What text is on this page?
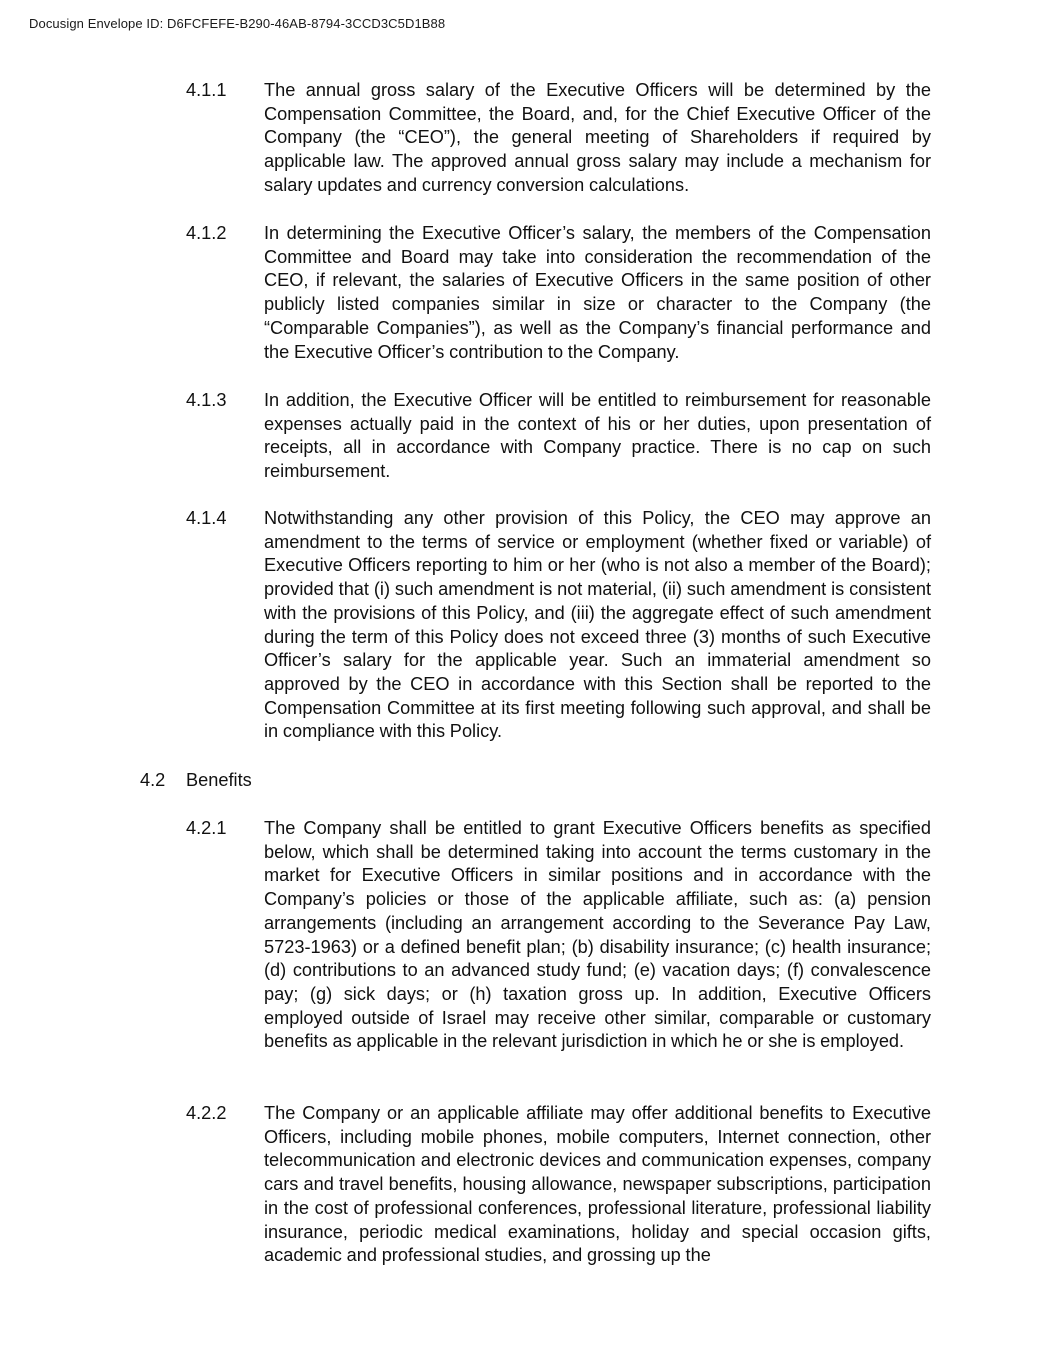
Docusign Envelope ID: D6FCFEFE-B290-46AB-8794-3CCD3C5D1B88
4.1.1	The annual gross salary of the Executive Officers will be determined by the Compensation Committee, the Board, and, for the Chief Executive Officer of the Company (the “CEO”), the general meeting of Shareholders if required by applicable law. The approved annual gross salary may include a mechanism for salary updates and currency conversion calculations.
4.1.2	In determining the Executive Officer’s salary, the members of the Compensation Committee and Board may take into consideration the recommendation of the CEO, if relevant, the salaries of Executive Officers in the same position of other publicly listed companies similar in size or character to the Company (the “Comparable Companies”), as well as the Company’s financial performance and the Executive Officer’s contribution to the Company.
4.1.3	In addition, the Executive Officer will be entitled to reimbursement for reasonable expenses actually paid in the context of his or her duties, upon presentation of receipts, all in accordance with Company practice. There is no cap on such reimbursement.
4.1.4	Notwithstanding any other provision of this Policy, the CEO may approve an amendment to the terms of service or employment (whether fixed or variable) of Executive Officers reporting to him or her (who is not also a member of the Board); provided that (i) such amendment is not material, (ii) such amendment is consistent with the provisions of this Policy, and (iii) the aggregate effect of such amendment during the term of this Policy does not exceed three (3) months of such Executive Officer’s salary for the applicable year. Such an immaterial amendment so approved by the CEO in accordance with this Section shall be reported to the Compensation Committee at its first meeting following such approval, and shall be in compliance with this Policy.
4.2 Benefits
4.2.1	The Company shall be entitled to grant Executive Officers benefits as specified below, which shall be determined taking into account the terms customary in the market for Executive Officers in similar positions and in accordance with the Company’s policies or those of the applicable affiliate, such as: (a) pension arrangements (including an arrangement according to the Severance Pay Law, 5723-1963) or a defined benefit plan; (b) disability insurance; (c) health insurance; (d) contributions to an advanced study fund; (e) vacation days; (f) convalescence pay; (g) sick days; or (h) taxation gross up. In addition, Executive Officers employed outside of Israel may receive other similar, comparable or customary benefits as applicable in the relevant jurisdiction in which he or she is employed.
4.2.2	The Company or an applicable affiliate may offer additional benefits to Executive Officers, including mobile phones, mobile computers, Internet connection, other telecommunication and electronic devices and communication expenses, company cars and travel benefits, housing allowance, newspaper subscriptions, participation in the cost of professional conferences, professional literature, professional liability insurance, periodic medical examinations, holiday and special occasion gifts, academic and professional studies, and grossing up the
